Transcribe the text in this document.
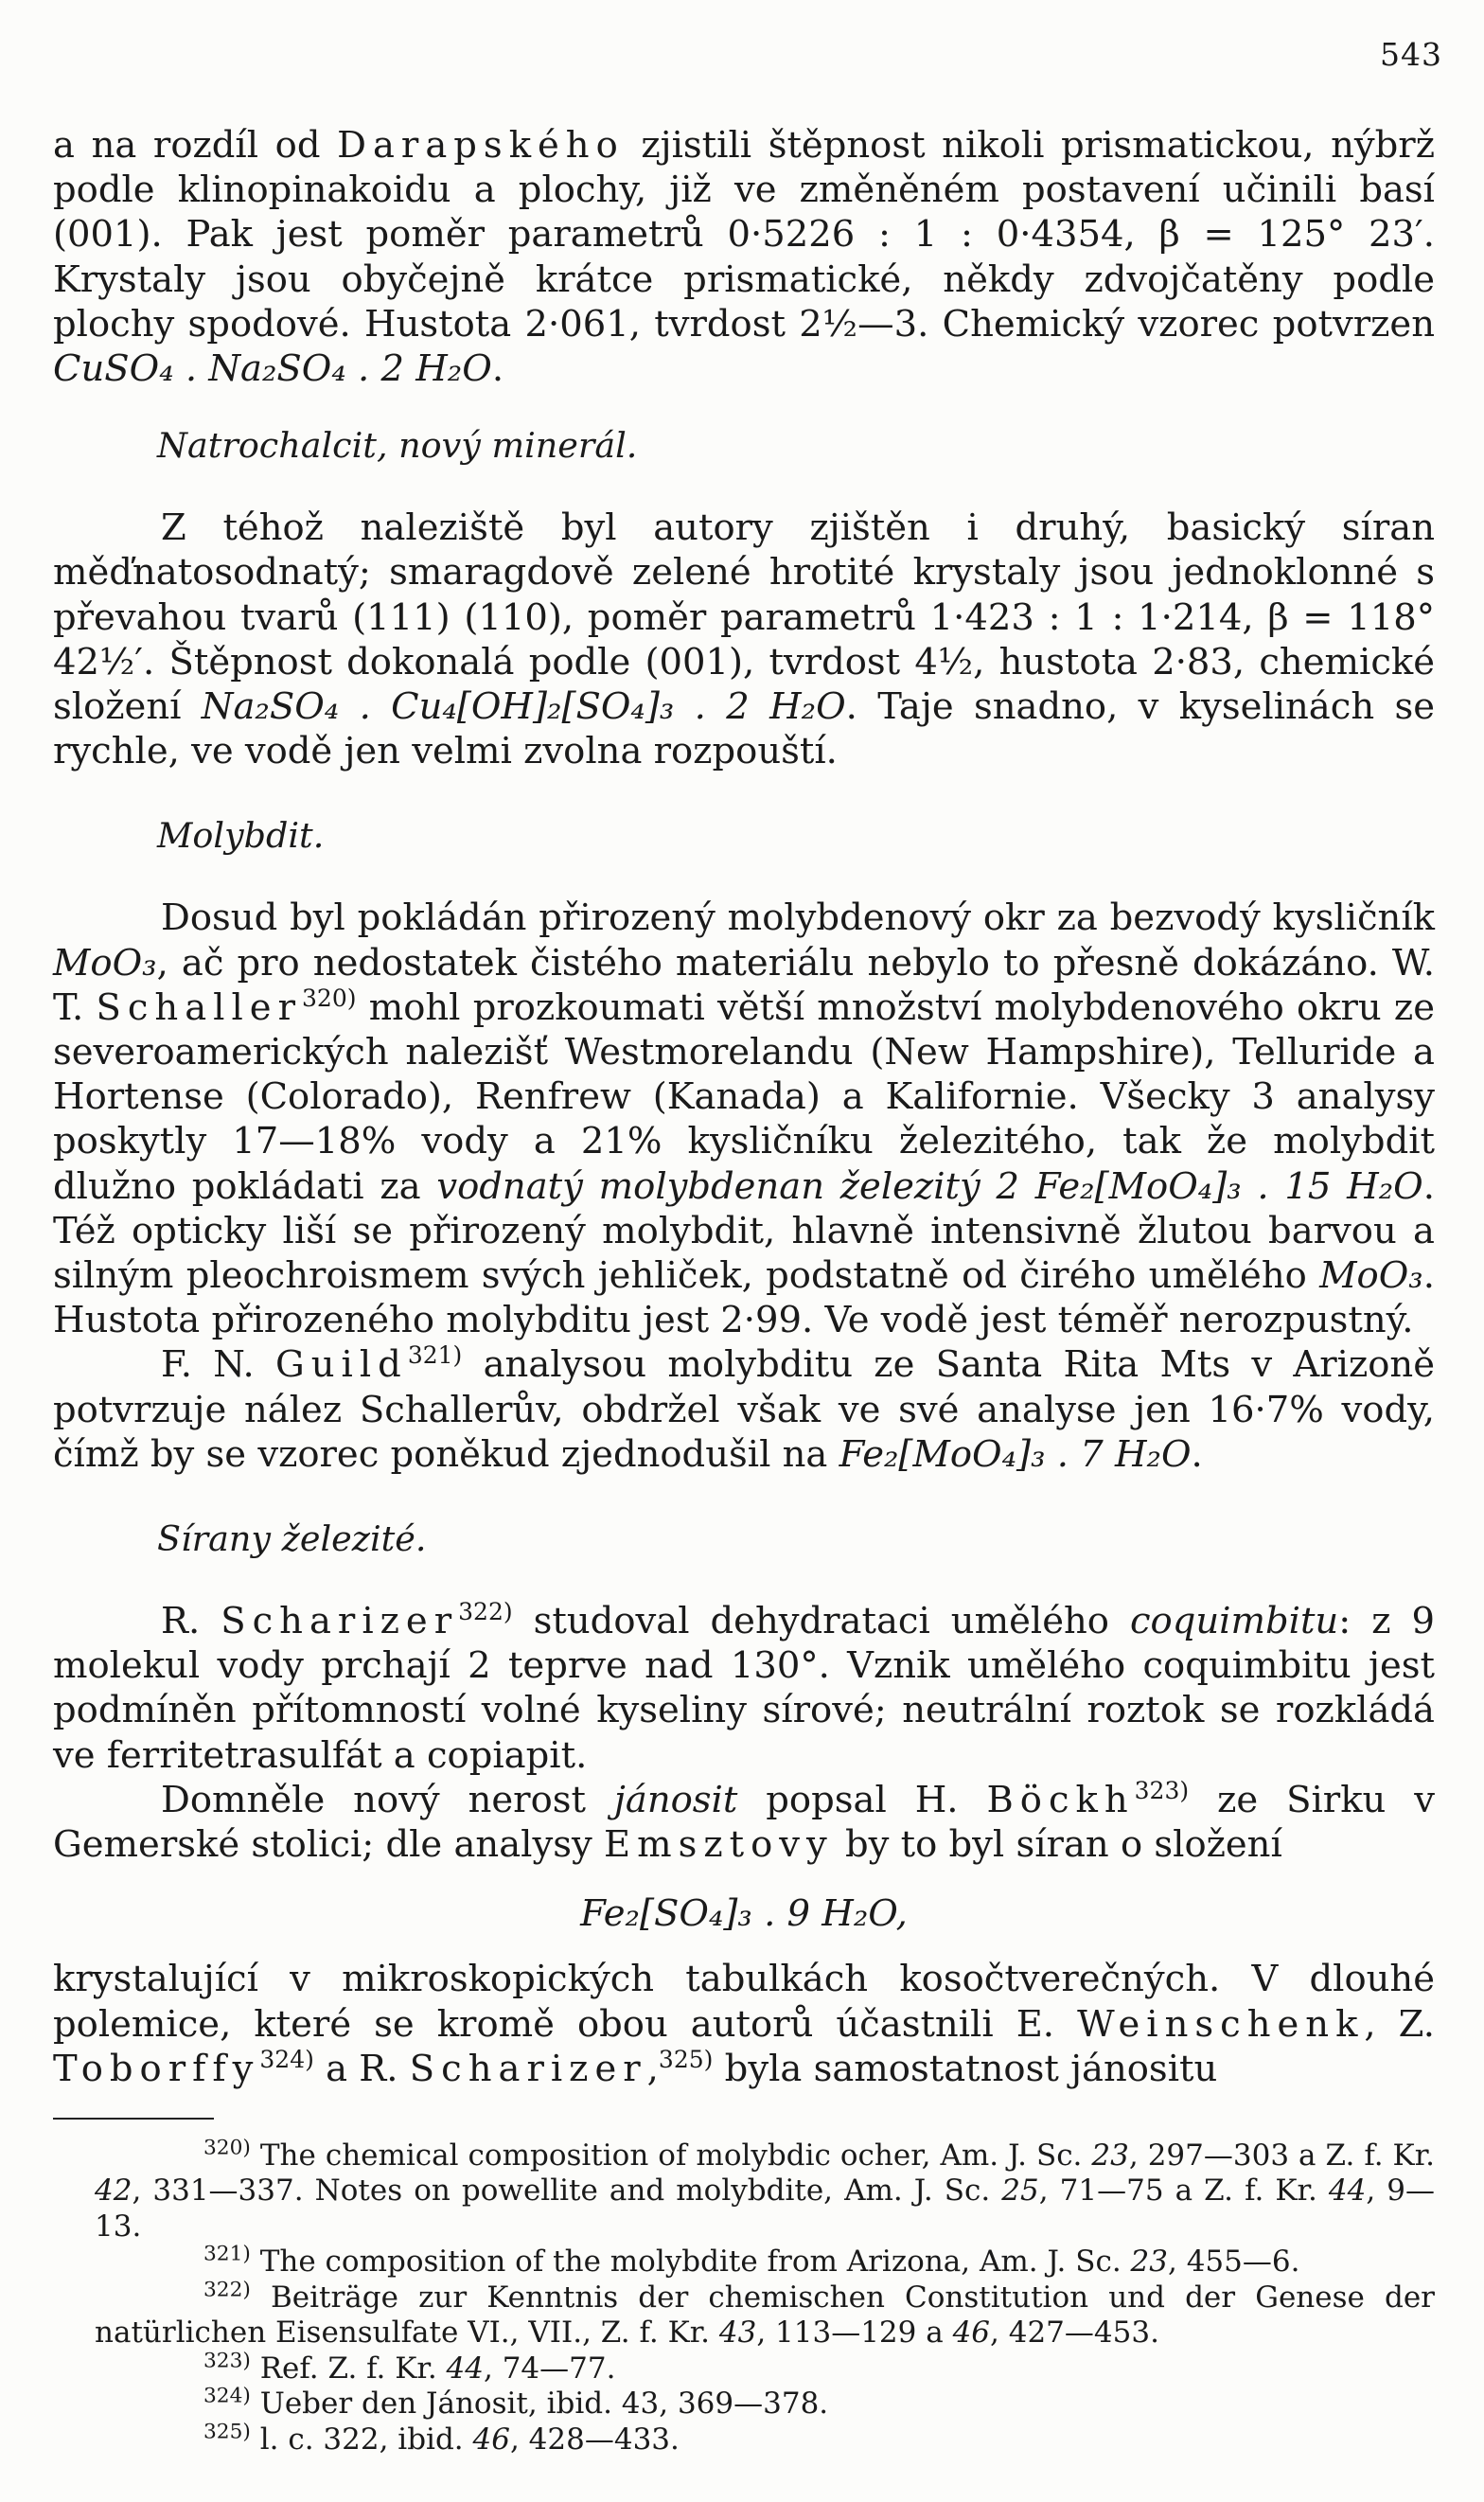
543

a na rozdíl od Darapského zjistili štěpnost nikoli prismatickou, nýbrž podle klinopinakoidu a plochy, již ve změněném postavení učinili basí (001). Pak jest poměr parametrů 0·5226 : 1 : 0·4354, β = 125° 23′. Krystaly jsou obyčejně krátce prismatické, někdy zdvojčatěny podle plochy spodové. Hustota 2·061, tvrdost 2½—3. Chemický vzorec potvrzen CuSO₄ . Na₂SO₄ . 2 H₂O.

Natrochalcit, nový minerál.

Z téhož naleziště byl autory zjištěn i druhý, basický síran měďnatosodnatý; smaragdově zelené hrotité krystaly jsou jednoklonné s převahou tvarů (111) (110), poměr parametrů 1·423 : 1 : 1·214, β = 118° 42½′. Štěpnost dokonalá podle (001), tvrdost 4½, hustota 2·83, chemické složení Na₂SO₄ . Cu₄[OH]₂[SO₄]₃ . 2 H₂O. Taje snadno, v kyselinách se rychle, ve vodě jen velmi zvolna rozpouští.

Molybdit.

Dosud byl pokládán přirozený molybdenový okr za bezvodý kysličník MoO₃, ač pro nedostatek čistého materiálu nebylo to přesně dokázáno. W. T. Schaller$^{320)}$ mohl prozkoumati větší množství molybdenového okru ze severoamerických nalezišť Westmorelandu (New Hampshire), Telluride a Hortense (Colorado), Renfrew (Kanada) a Kalifornie. Všecky 3 analysy poskytly 17—18% vody a 21% kysličníku železitého, tak že molybdit dlužno pokládati za vodnatý molybdenan železitý 2 Fe₂[MoO₄]₃ . 15 H₂O. Též opticky liší se přirozený molybdit, hlavně intensivně žlutou barvou a silným pleochroismem svých jehliček, podstatně od čirého umělého MoO₃. Hustota přirozeného molybditu jest 2·99. Ve vodě jest téměř nerozpustný.

F. N. Guild$^{321)}$ analysou molybditu ze Santa Rita Mts v Arizoně potvrzuje nález Schallerův, obdržel však ve své analyse jen 16·7% vody, čímž by se vzorec poněkud zjednodušil na Fe₂[MoO₄]₃ . 7 H₂O.

Sírany železité.

R. Scharizer$^{322)}$ studoval dehydrataci umělého coquimbitu: z 9 molekul vody prchají 2 teprve nad 130°. Vznik umělého coquimbitu jest podmíněn přítomností volné kyseliny sírové; neutrální roztok se rozkládá ve ferritetrasulfát a copiapit.

Domněle nový nerost jánosit popsal H. Böckh$^{323)}$ ze Sirku v Gemerské stolici; dle analysy Emsztovy by to byl síran o složení

Fe₂[SO₄]₃ . 9 H₂O,

krystalující v mikroskopických tabulkách kosočtverečných. V dlouhé polemice, které se kromě obou autorů účastnili E. Weinschenk, Z. Toborffy$^{324)}$ a R. Scharizer,$^{325)}$ byla samostatnost jánositu

$^{320)}$ The chemical composition of molybdic ocher, Am. J. Sc. 23, 297—303 a Z. f. Kr. 42, 331—337. Notes on powellite and molybdite, Am. J. Sc. 25, 71—75 a Z. f. Kr. 44, 9—13.

$^{321)}$ The composition of the molybdite from Arizona, Am. J. Sc. 23, 455—6.

$^{322)}$ Beiträge zur Kenntnis der chemischen Constitution und der Genese der natürlichen Eisensulfate VI., VII., Z. f. Kr. 43, 113—129 a 46, 427—453.

$^{323)}$ Ref. Z. f. Kr. 44, 74—77.

$^{324)}$ Ueber den Jánosit, ibid. 43, 369—378.

$^{325)}$ l. c. 322, ibid. 46, 428—433.
